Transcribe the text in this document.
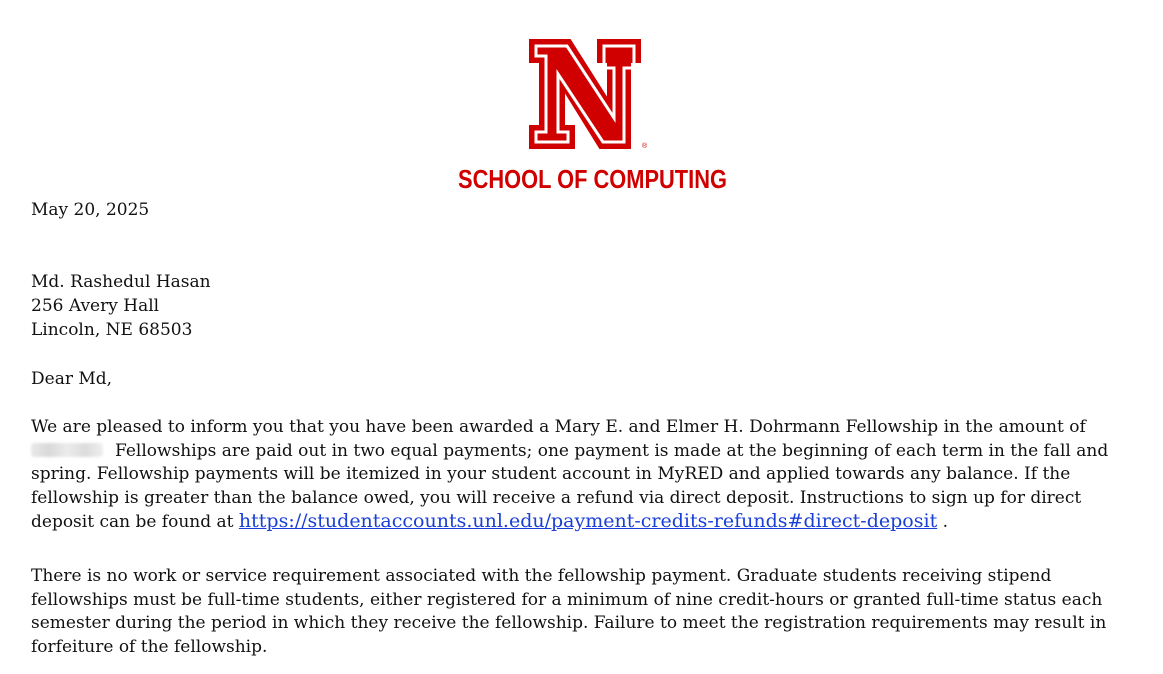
®
SCHOOL OF COMPUTING
May 20, 2025
Md. Rashedul Hasan
256 Avery Hall
Lincoln, NE 68503
Dear Md,
We are pleased to inform you that you have been awarded a Mary E. and Elmer H. Dohrmann Fellowship in the amount of
Fellowships are paid out in two equal payments; one payment is made at the beginning of each term in the fall and
spring. Fellowship payments will be itemized in your student account in MyRED and applied towards any balance. If the
fellowship is greater than the balance owed, you will receive a refund via direct deposit. Instructions to sign up for direct
deposit can be found at https://studentaccounts.unl.edu/payment-credits-refunds#direct-deposit .
There is no work or service requirement associated with the fellowship payment. Graduate students receiving stipend
fellowships must be full-time students, either registered for a minimum of nine credit-hours or granted full-time status each
semester during the period in which they receive the fellowship. Failure to meet the registration requirements may result in
forfeiture of the fellowship.
